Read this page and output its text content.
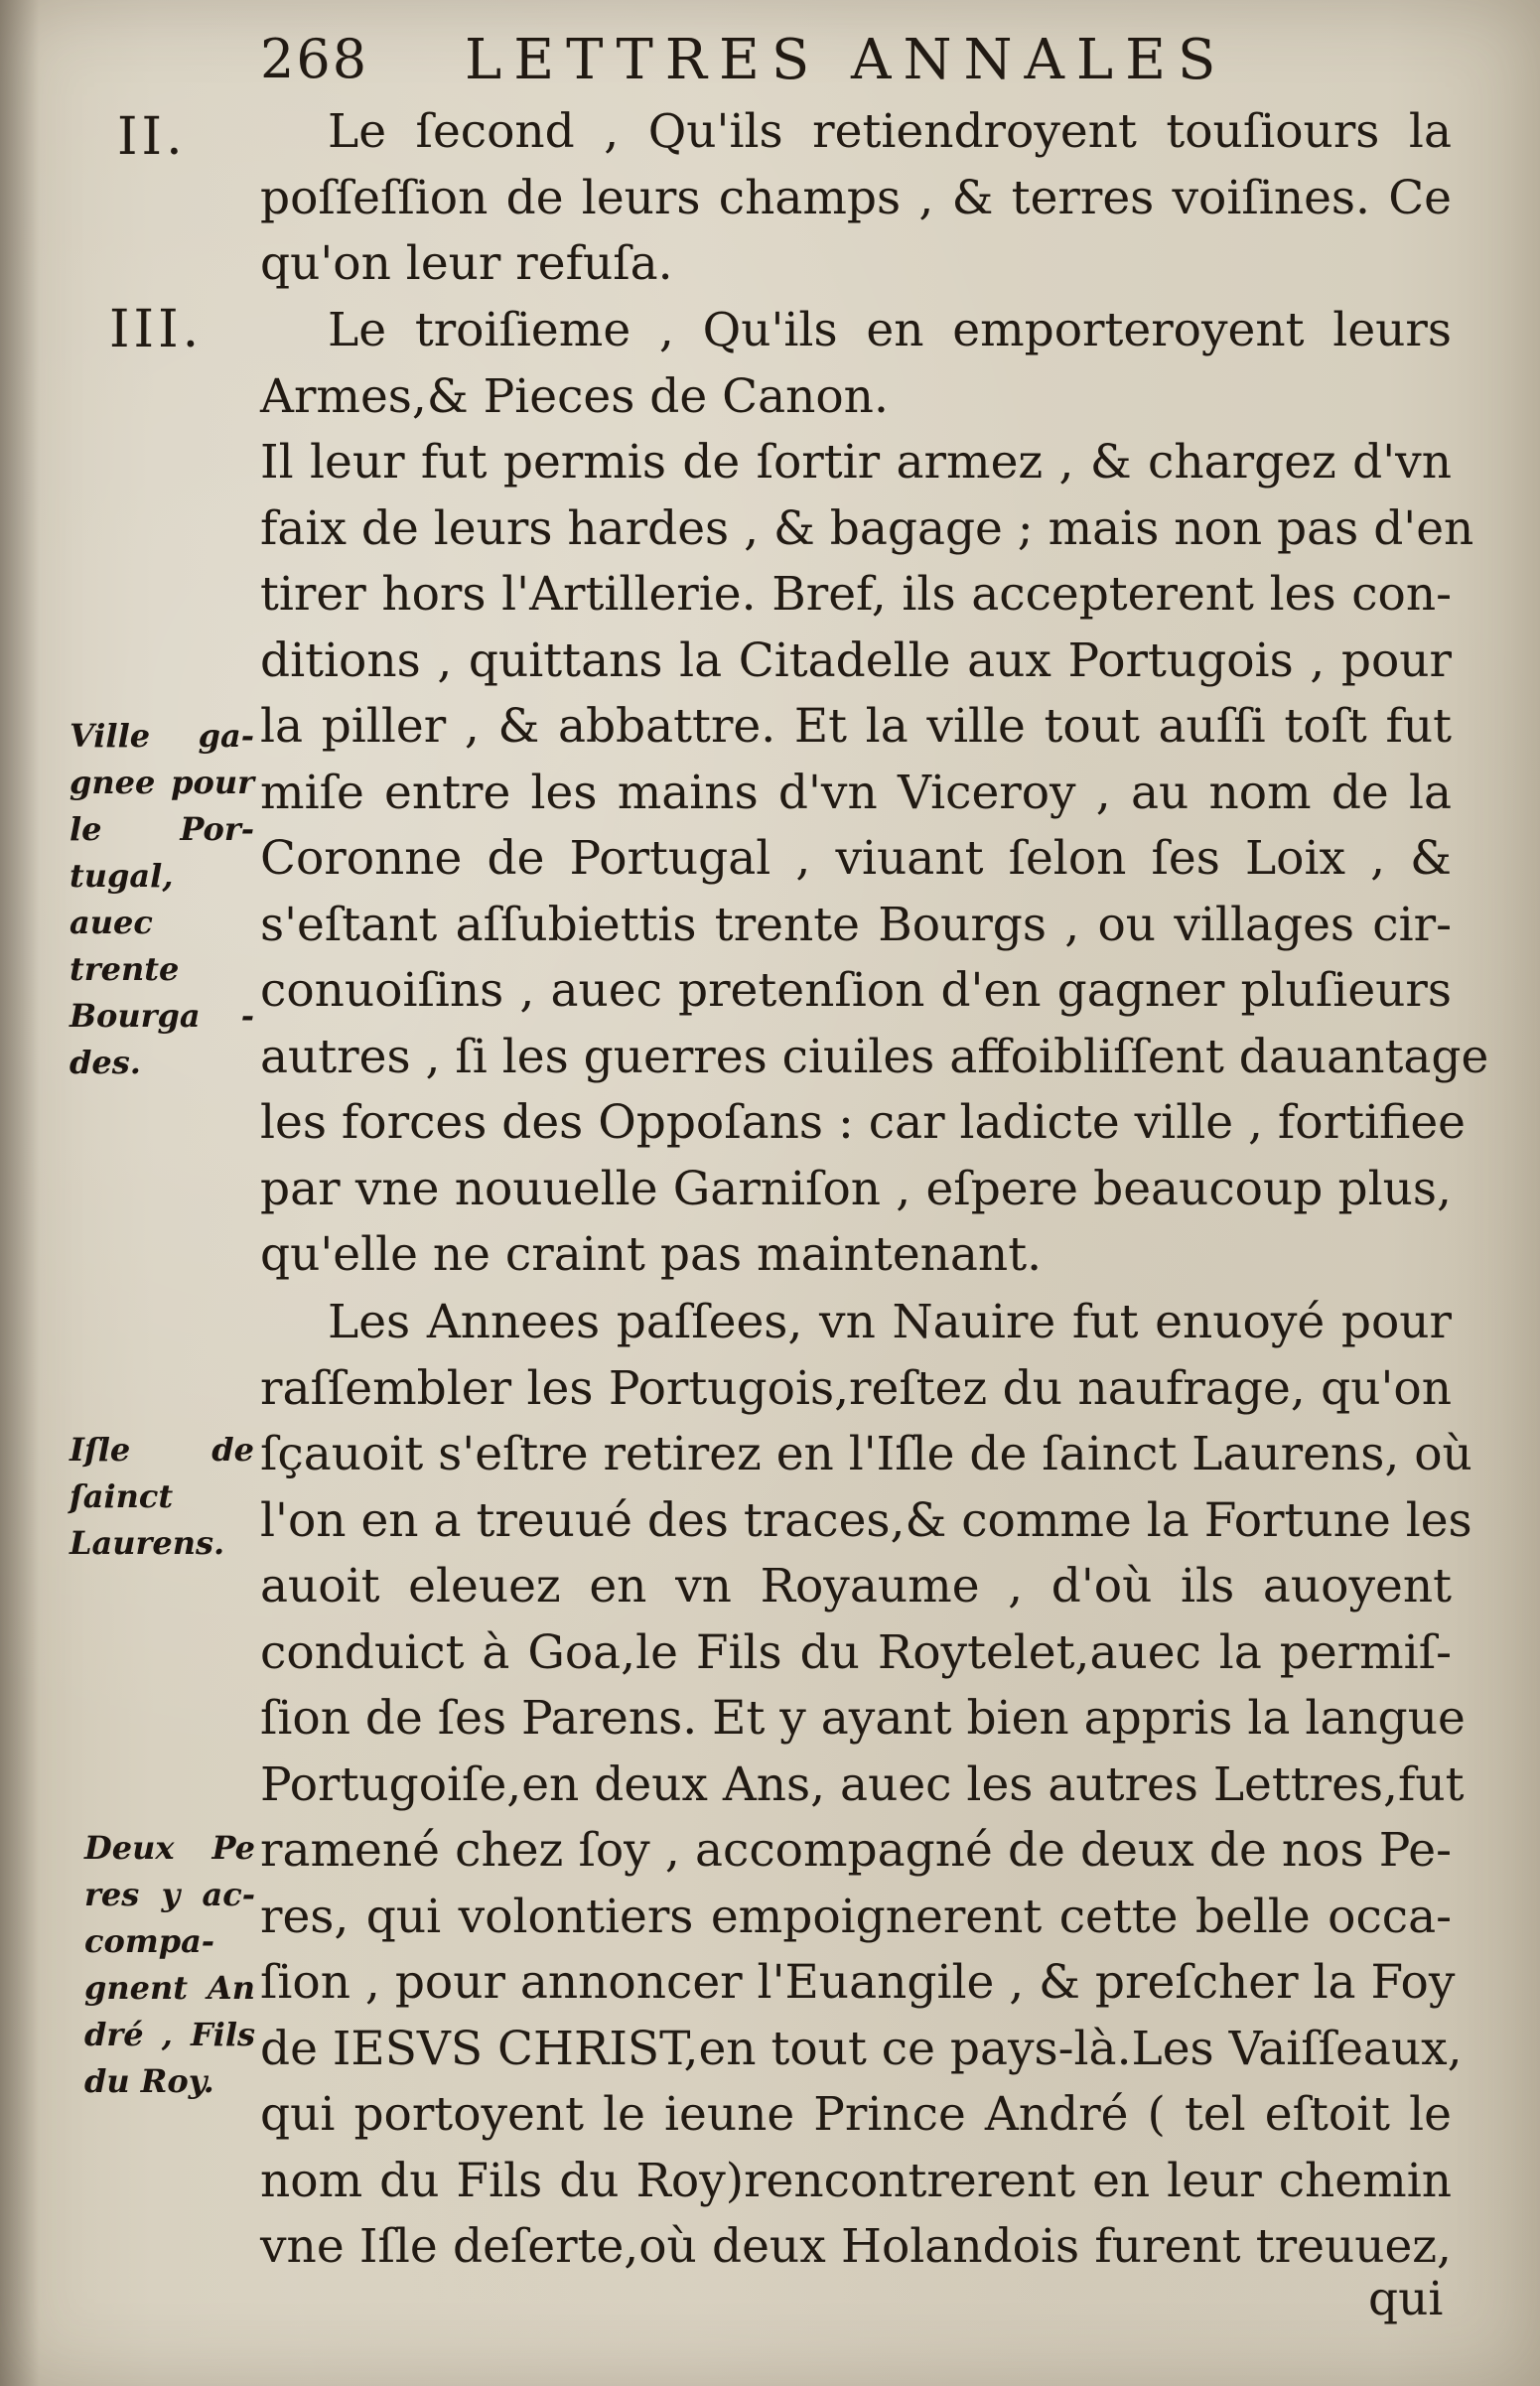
268 LETTRES ANNALES
II.	Le ſecond , Qu'ils retiendroyent touſiours la
poſſeſſion de leurs champs , & terres voiſines. Ce
qu'on leur refuſa.
III.	Le troiſieme , Qu'ils en emporteroyent leurs
Armes,& Pieces de Canon.
Il leur fut permis de ſortir armez , & chargez d'vn
faix de leurs hardes , & bagage ; mais non pas d'en
tirer hors l'Artillerie. Bref, ils accepterent les con-
ditions , quittans la Citadelle aux Portugois , pour
la piller , & abbattre. Et la ville tout auſſi toſt fut
miſe entre les mains d'vn Viceroy , au nom de la
Coronne de Portugal , viuant ſelon ſes Loix , &
s'eſtant aſſubiettis trente Bourgs , ou villages cir-
conuoiſins , auec pretenſion d'en gagner pluſieurs
autres , ſi les guerres ciuiles affoibliſſent dauantage
les forces des Oppoſans : car ladicte ville , fortifiee
par vne nouuelle Garniſon , eſpere beaucoup plus,
qu'elle ne craint pas maintenant.
Les Annees paſſees, vn Nauire fut enuoyé pour
raſſembler les Portugois,reſtez du naufrage, qu'on
ſçauoit s'eſtre retirez en l'Iſle de ſainct Laurens, où
l'on en a treuué des traces,& comme la Fortune les
auoit eleuez en vn Royaume , d'où ils auoyent
conduict à Goa,le Fils du Roytelet,auec la permiſ-
ſion de ſes Parens. Et y ayant bien appris la langue
Portugoiſe,en deux Ans, auec les autres Lettres,fut
ramené chez ſoy , accompagné de deux de nos Pe-
res, qui volontiers empoignerent cette belle occa-
ſion , pour annoncer l'Euangile , & preſcher la Foy
de IESVS CHRIST,en tout ce pays-là.Les Vaiſſeaux,
qui portoyent le ieune Prince André ( tel eſtoit le
nom du Fils du Roy)rencontrerent en leur chemin
vne Iſle deſerte,où deux Holandois furent treuuez,
qui
Ville ga-
gnee pour
le Por-
tugal,
auec
trente
Bourga -
des.
Iſle de
ſainct
Laurens.
Deux Pe
res y ac-
compa-
gnent An
dré , Fils
du Roy.
